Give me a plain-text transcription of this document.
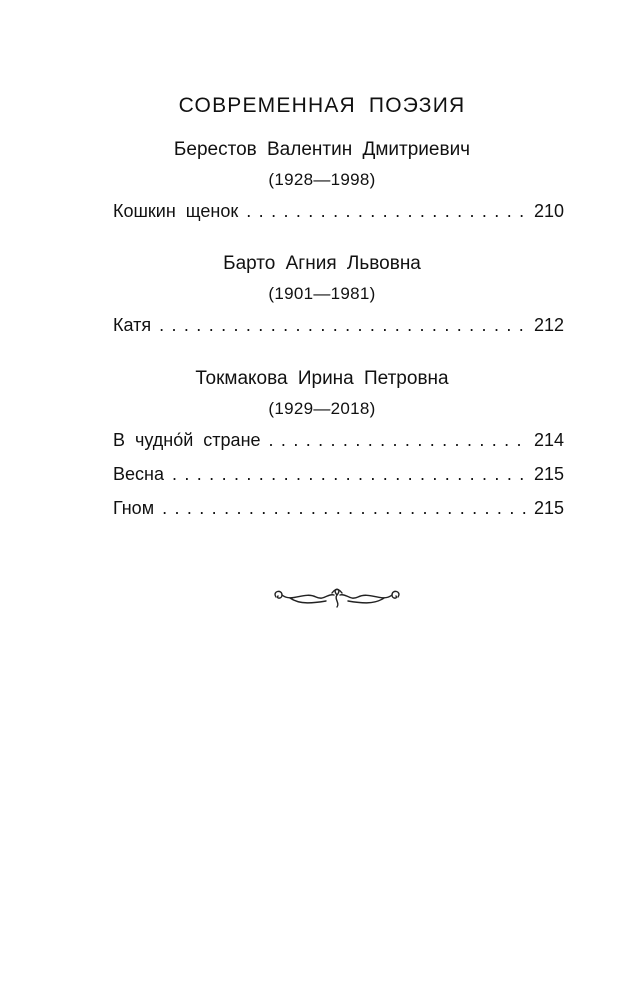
СОВРЕМЕННАЯ ПОЭЗИЯ
Берестов Валентин Дмитриевич
(1928—1998)
Кошкин щенок . . .	210
Барто Агния Львовна
(1901—1981)
Катя . . .	212
Токмакова Ирина Петровна
(1929—2018)
В чудно́й стране . . .	214
Весна . . .	215
Гном . . .	215
